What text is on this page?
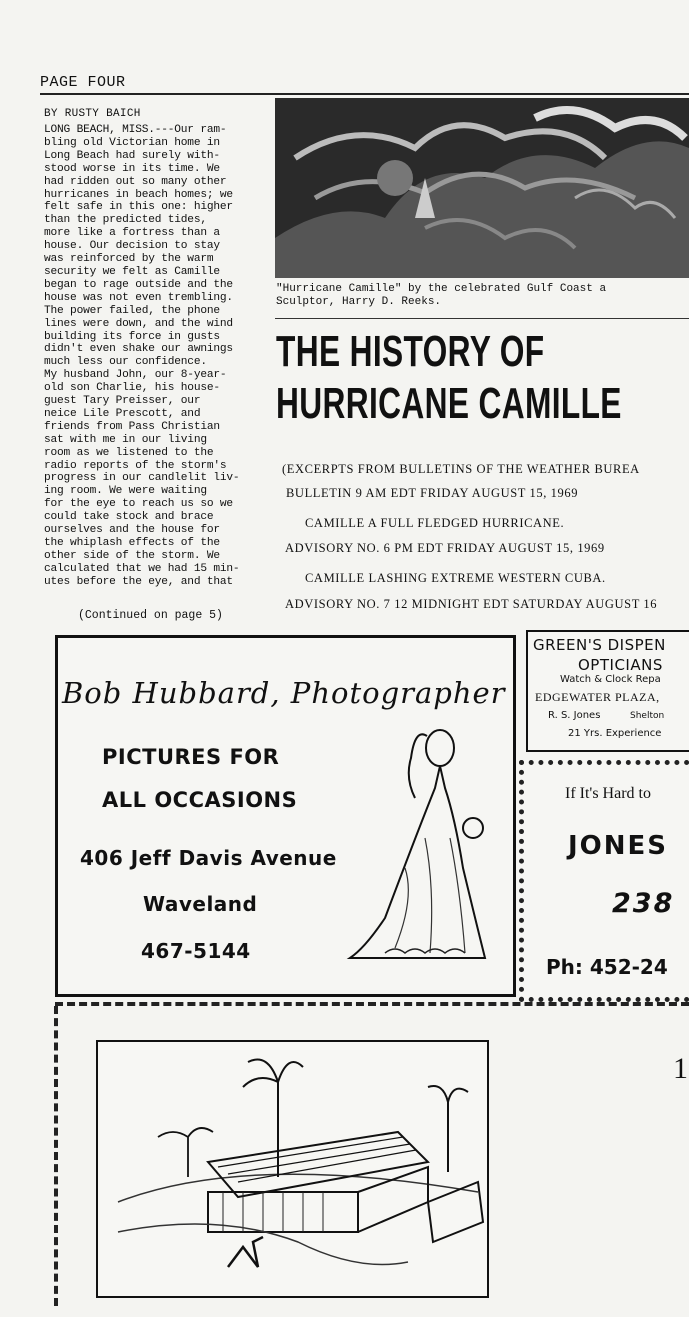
PAGE FOUR
BY RUSTY BAICH
LONG BEACH, MISS.---Our ram-
bling old Victorian home in
Long Beach had surely with-
stood worse in its time. We
had ridden out so many other
hurricanes in beach homes; we
felt safe in this one: higher
than the predicted tides,
more like a fortress than a
house. Our decision to stay
was reinforced by the warm
security we felt as Camille
began to rage outside and the
house was not even trembling.
The power failed, the phone
lines were down, and the wind
building its force in gusts
didn't even shake our awnings
much less our confidence.
My husband John, our 8-year-
old son Charlie, his house-
guest Tary Preisser, our
neice Lile Prescott, and
friends from Pass Christian
sat with me in our living
room as we listened to the
radio reports of the storm's
progress in our candlelit liv-
ing room. We were waiting
for the eye to reach us so we
could take stock and brace
ourselves and the house for
the whiplash effects of the
other side of the storm. We
calculated that we had 15 min-
utes before the eye, and that
(Continued on page 5)
"Hurricane Camille" by the celebrated Gulf Coast a
Sculptor, Harry D. Reeks.
THE HISTORY OF
HURRICANE CAMILLE
(EXCERPTS FROM BULLETINS OF THE WEATHER BUREA
BULLETIN 9 AM EDT FRIDAY AUGUST 15, 1969
CAMILLE A FULL FLEDGED HURRICANE.
ADVISORY NO. 6 PM EDT FRIDAY AUGUST 15, 1969
CAMILLE LASHING EXTREME WESTERN CUBA.
ADVISORY NO. 7 12 MIDNIGHT EDT SATURDAY AUGUST 16
Bob Hubbard, Photographer
PICTURES FOR
ALL OCCASIONS
406 Jeff Davis Avenue
Waveland
467-5144
GREEN'S DISPEN
OPTICIANS
Watch & Clock Repa
EDGEWATER PLAZA,
R. S. Jones	Shelton
21 Yrs. Experience
If It's Hard to
JONES
238
Ph: 452-24
1
